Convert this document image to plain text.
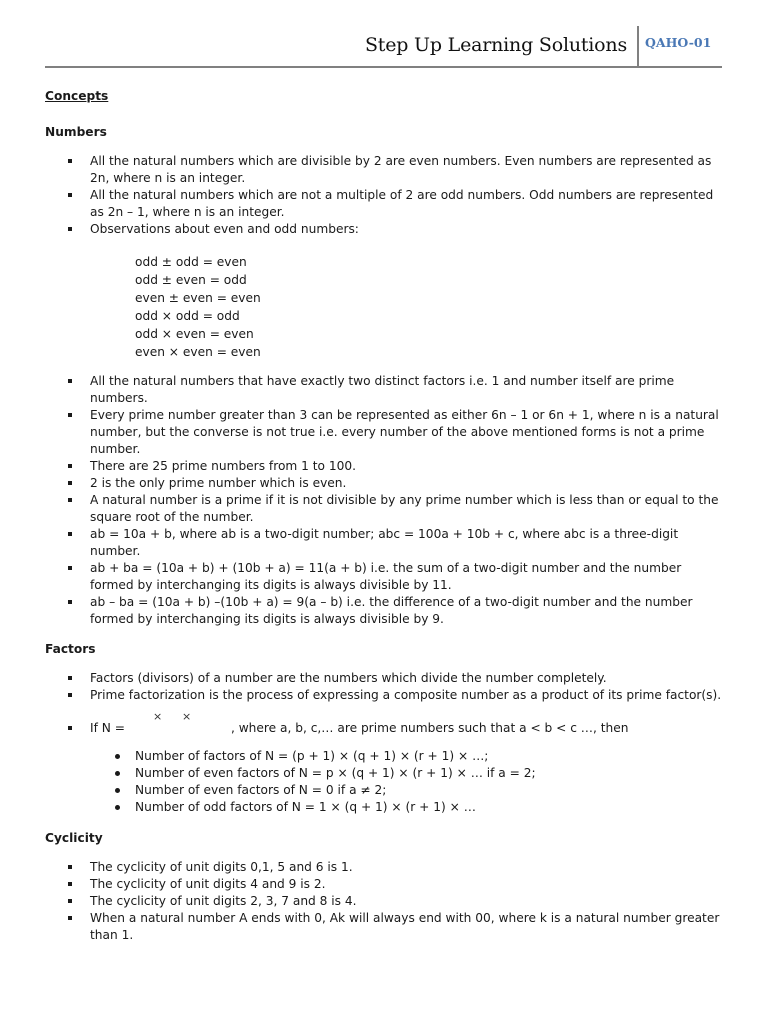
Step Up Learning Solutions QAHO-01
Concepts
Numbers
All the natural numbers which are divisible by 2 are even numbers. Even numbers are represented as 2n, where n is an integer.
All the natural numbers which are not a multiple of 2 are odd numbers. Odd numbers are represented as 2n – 1, where n is an integer.
Observations about even and odd numbers:
odd ± odd = even
odd ± even = odd
even ± even = even
odd × odd = odd
odd × even = even
even × even = even
All the natural numbers that have exactly two distinct factors i.e. 1 and number itself are prime numbers.
Every prime number greater than 3 can be represented as either 6n – 1 or 6n + 1, where n is a natural number, but the converse is not true i.e. every number of the above mentioned forms is not a prime number.
There are 25 prime numbers from 1 to 100.
2 is the only prime number which is even.
A natural number is a prime if it is not divisible by any prime number which is less than or equal to the square root of the number.
ab = 10a + b, where ab is a two-digit number; abc = 100a + 10b + c, where abc is a three-digit number.
ab + ba = (10a + b) + (10b + a) = 11(a + b) i.e. the sum of a two-digit number and the number formed by interchanging its digits is always divisible by 11.
ab – ba = (10a + b) –(10b + a) = 9(a – b) i.e. the difference of a two-digit number and the number formed by interchanging its digits is always divisible by 9.
Factors
Factors (divisors) of a number are the numbers which divide the number completely.
Prime factorization is the process of expressing a composite number as a product of its prime factor(s).
× ×
If N =	, where a, b, c,… are prime numbers such that a < b < c …, then
Number of factors of N = (p + 1) × (q + 1) × (r + 1) × …;
Number of even factors of N = p × (q + 1) × (r + 1) × … if a = 2;
Number of even factors of N = 0 if a ≠ 2;
Number of odd factors of N = 1 × (q + 1) × (r + 1) × …
Cyclicity
The cyclicity of unit digits 0,1, 5 and 6 is 1.
The cyclicity of unit digits 4 and 9 is 2.
The cyclicity of unit digits 2, 3, 7 and 8 is 4.
When a natural number A ends with 0, Ak will always end with 00, where k is a natural number greater than 1.
